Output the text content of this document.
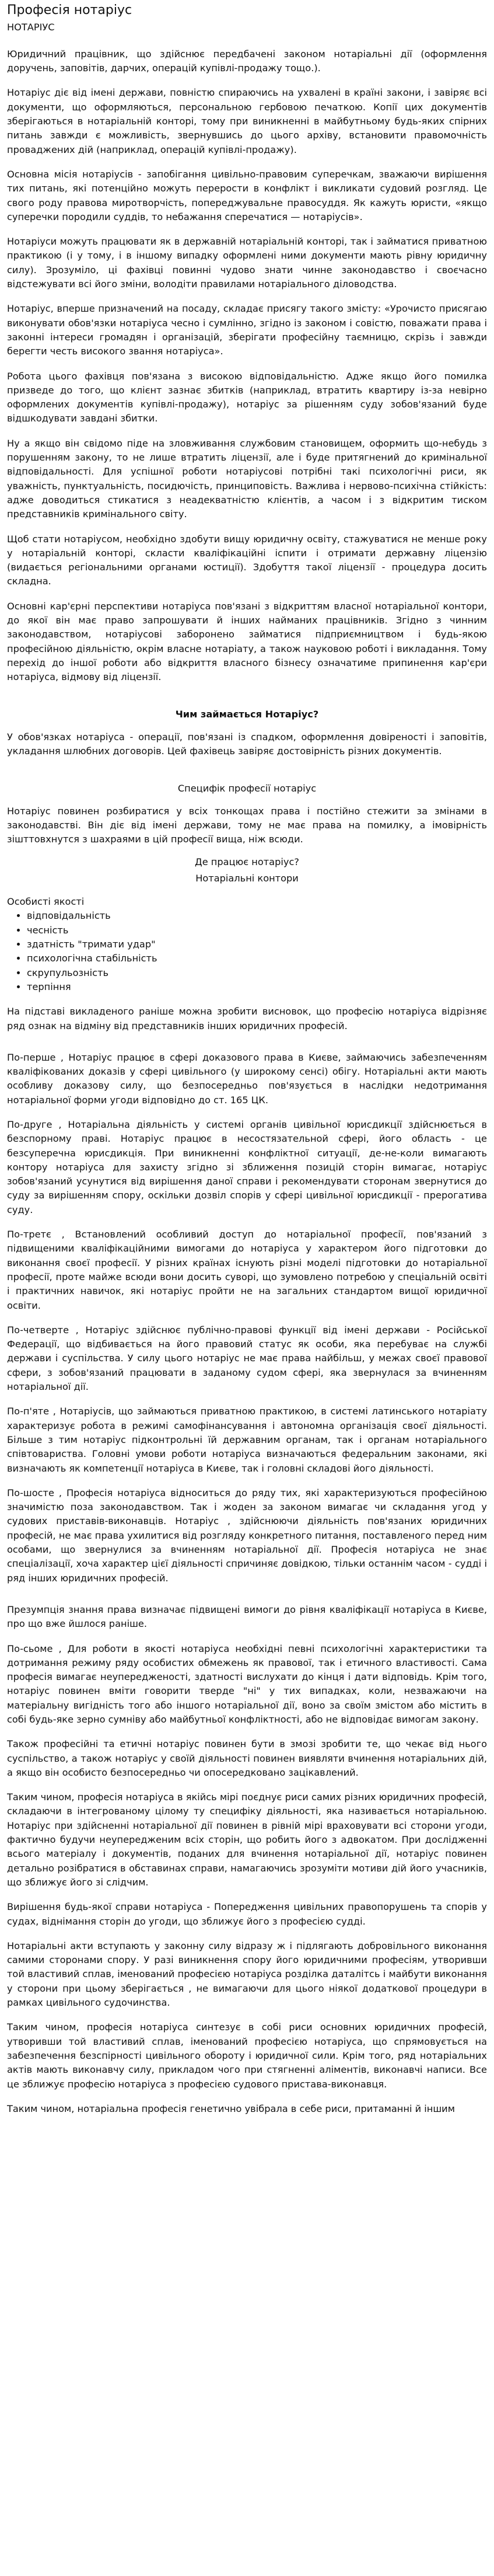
Професія нотаріус
НОТАРІУС

Юридичний працівник, що здійснює передбачені законом нотаріальні дії (оформлення доручень, заповітів, дарчих, операцій купівлі-продажу тощо.).

Нотаріус діє від імені держави, повністю спираючись на ухвалені в країні закони, і завіряє всі документи, що оформляються, персональною гербовою печаткою. Копії цих документів зберігаються в нотаріальній конторі, тому при виникненні в майбутньому будь-яких спірних питань завжди є можливість, звернувшись до цього архіву, встановити правомочність проваджених дій (наприклад, операцій купівлі-продажу).

Основна місія нотаріусів - запобігання цивільно-правовим суперечкам, зважаючи вирішення тих питань, які потенційно можуть перерости в конфлікт і викликати судовий розгляд. Це свого роду правова миротворчість, попереджувальне правосуддя. Як кажуть юристи, «якщо суперечки породили суддів, то небажання сперечатися — нотаріусів».

Нотаріуси можуть працювати як в державній нотаріальній конторі, так і займатися приватною практикою (і у тому, і в іншому випадку оформлені ними документи мають рівну юридичну силу). Зрозуміло, ці фахівці повинні чудово знати чинне законодавство і своєчасно відстежувати всі його зміни, володіти правилами нотаріального діловодства.

Нотаріус, вперше призначений на посаду, складає присягу такого змісту: «Урочисто присягаю виконувати обов'язки нотаріуса чесно і сумлінно, згідно із законом і совістю, поважати права і законні інтереси громадян і організацій, зберігати професійну таємницю, скрізь і завжди берегти честь високого звання нотаріуса».

Робота цього фахівця пов'язана з високою відповідальністю. Адже якщо його помилка призведе до того, що клієнт зазнає збитків (наприклад, втратить квартиру із-за невірно оформлених документів купівлі-продажу), нотаріус за рішенням суду зобов'язаний буде відшкодувати завдані збитки.

Ну а якщо він свідомо піде на зловживання службовим становищем, оформить що-небудь з порушенням закону, то не лише втратить ліцензії, але і буде притягнений до кримінальної відповідальності. Для успішної роботи нотаріусові потрібні такі психологічні риси, як уважність, пунктуальність, посидючість, принциповість. Важлива і нервово-психічна стійкість: адже доводиться стикатися з неадекватністю клієнтів, а часом і з відкритим тиском представників кримінального світу.

Щоб стати нотаріусом, необхідно здобути вищу юридичну освіту, стажуватися не менше року у нотаріальній конторі, скласти кваліфікаційні іспити і отримати державну ліцензію (видається регіональними органами юстиції). Здобуття такої ліцензії - процедура досить складна.

Основні кар'єрні перспективи нотаріуса пов'язані з відкриттям власної нотаріальної контори, до якої він має право запрошувати й інших найманих працівників. Згідно з чинним законодавством, нотаріусові заборонено займатися підприємництвом і будь-якою професійною діяльністю, окрім власне нотаріату, а також науковою роботі і викладання. Тому перехід до іншої роботи або відкриття власного бізнесу означатиме припинення кар'єри нотаріуса, відмову від ліцензії.

Чим займається Нотаріус?

У обов'язках нотаріуса - операції, пов'язані із спадком, оформлення довіреності і заповітів, укладання шлюбних договорів. Цей фахівець завіряє достовірність різних документів.

Специфік професії нотаріус

Нотаріус повинен розбиратися у всіх тонкощах права і постійно стежити за змінами в законодавстві. Він діє від імені держави, тому не має права на помилку, а імовірність зішттовхнутся з шахраями в цій професії вища, ніж всюди.

Де працює нотаріус?
Нотаріальні контори
Особисті якості
• відповідальність
• чесність
• здатність "тримати удар"
• психологічна стабільність
• скрупульозність
• терпіння

На підставі викладеного раніше можна зробити висновок, що професію нотаріуса відрізняє ряд ознак на відміну від представників інших юридичних професій.

По-перше , Нотаріус працює в сфері доказового права в Києве, займаючись забезпеченням кваліфікованих доказів у сфері цивільного (у широкому сенсі) обігу. Нотаріальні акти мають особливу доказову силу, що безпосередньо пов'язується в наслідки недотримання нотаріальної форми угоди відповідно до ст. 165 ЦК.

По-друге , Нотаріальна діяльність у системі органів цивільної юрисдикції здійснюється в безспорному праві. Нотаріус працює в несостязательной сфері, його область - це безсуперечна юрисдикція. При виникненні конфліктної ситуації, де-не-коли вимагають контору нотаріуса для захисту згідно зі зближення позицій сторін вимагає, нотаріус зобов'язаний усунутися від вирішення даної справи і рекомендувати сторонам звернутися до суду за вирішенням спору, оскільки дозвіл спорів у сфері цивільної юрисдикції - прерогатива суду.

По-третє , Встановлений особливий доступ до нотаріальної професії, пов'язаний з підвищеними кваліфікаційними вимогами до нотаріуса у характером його підготовки до виконання своєї професії. У різних країнах існують різні моделі підготовки до нотаріальної професії, проте майже всюди вони досить суворі, що зумовлено потребою у спеціальній освіті і практичних навичок, які нотаріус пройти не на загальних стандартом вищої юридичної освіти.

По-четверте , Нотаріус здійснює публічно-правові функції від імені держави - Російської Федерації, що відбивається на його правовий статус як особи, яка перебуває на службі держави і суспільства. У силу цього нотаріус не має права найбільш, у межах своєї правової сфери, з зобов'язаний працювати в заданому судом сфері, яка звернулася за вчиненням нотаріальної дії.

По-п'яте , Нотаріусів, що займаються приватною практикою, в системі латинського нотаріату характеризує робота в режимі самофінансування і автономна організація своєї діяльності. Більше з тим нотаріус підконтрольні їй державним органам, так і органам нотаріального співтовариства. Головні умови роботи нотаріуса визначаються федеральним законами, які визначають як компетенції нотаріуса в Києве, так і головні складові його діяльності.

По-шосте , Професія нотаріуса відноситься до ряду тих, які характеризуються професійною значимістю поза законодавством. Так і жоден за законом вимагає чи складання угод у судових приставів-виконавців. Нотаріус , здійснюючи діяльність пов'язаних юридичних професій, не має права ухилитися від розгляду конкретного питання, поставленого перед ним особами, що звернулися за вчиненням нотаріальної дії. Професія нотаріуса не знає спеціалізації, хоча характер цієї діяльності спричиняє довідкою, тільки останнім часом - судді і ряд інших юридичних професій.

Презумпція знання права визначає підвищені вимоги до рівня кваліфікації нотаріуса в Києве, про що вже йшлося раніше.

По-сьоме , Для роботи в якості нотаріуса необхідні певні психологічні характеристики та дотримання режиму ряду особистих обмежень як правової, так і етичного властивості. Сама професія вимагає неупередженості, здатності вислухати до кінця і дати відповідь. Крім того, нотаріус повинен вміти говорити тверде "ні" у тих випадках, коли, незважаючи на матеріальну вигідність того або іншого нотаріальної дії, воно за своїм змістом або містить в собі будь-яке зерно сумніву або майбутньої конфліктності, або не відповідає вимогам закону.

Також професійні та етичні нотаріус повинен бути в змозі зробити те, що чекає від нього суспільство, а також нотаріус у своїй діяльності повинен виявляти вчинення нотаріальних дій, а якщо він особисто безпосередньо чи опосередковано зацікавлений.

Таким чином, професія нотаріуса в якійсь мірі поєднує риси самих різних юридичних професій, складаючи в інтегрованому цілому ту специфіку діяльності, яка називається нотаріальною. Нотаріус при здійсненні нотаріальної дії повинен в рівній мірі враховувати всі сторони угоди, фактично будучи неупередженим всіх сторін, що робить його з адвокатом. При дослідженні всього матеріалу і документів, поданих для вчинення нотаріальної дії, нотаріус повинен детально розібратися в обставинах справи, намагаючись зрозуміти мотиви дій його учасників, що зближує його зі слідчим.

Вирішення будь-якої справи нотаріуса - Попередження цивільних правопорушень та спорів у судах, віднімання сторін до угоди, що зближує його з професією судді.

Нотаріальні акти вступають у законну силу відразу ж і підлягають добровільного виконання самими сторонами спору. У разі виникнення спору його юридичними професіям, утворивши той властивий сплав, іменований професією нотаріуса розділка даталітсь і майбути виконання у сторони при цьому зберігається , не вимагаючи для цього ніякої додаткової процедури в рамках цивільного судочинства.

Таким чином, професія нотаріуса синтезує в собі риси основних юридичних професій, утворивши той властивий сплав, іменований професією нотаріуса, що спрямовується на забезпечення безспірності цивільного обороту і юридичної сили. Крім того, ряд нотаріальних актів мають виконавчу силу, прикладом чого при стягненні аліментів, виконавчі написи. Все це зближує професію нотаріуса з професією судового пристава-виконавця.

Таким чином, нотаріальна професія генетично увібрала в себе риси, притаманні й іншим
